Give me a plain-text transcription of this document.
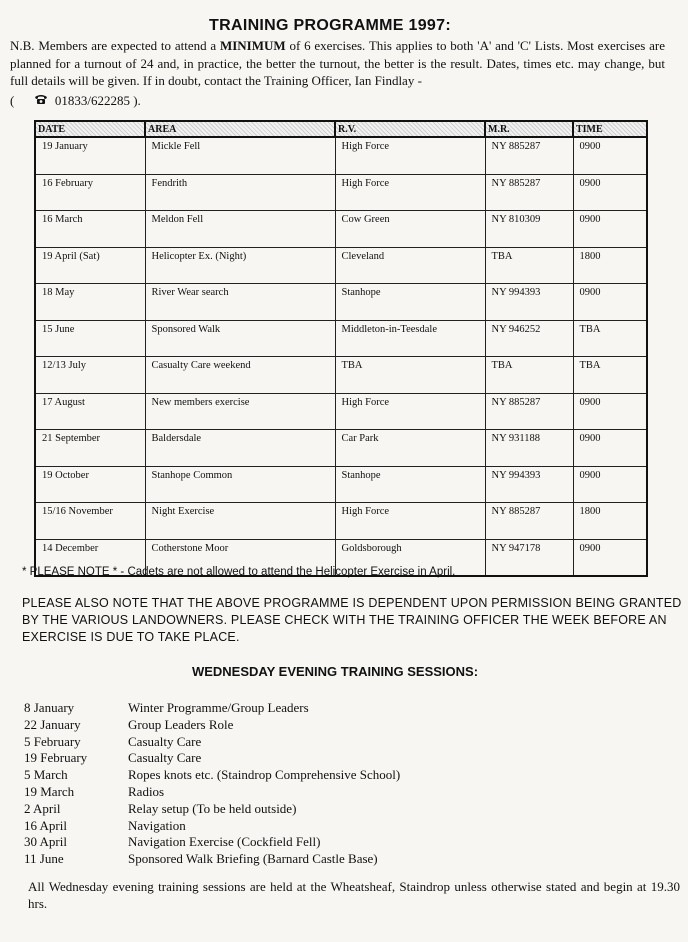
TRAINING PROGRAMME 1997:
N.B. Members are expected to attend a MINIMUM of 6 exercises. This applies to both 'A' and 'C' Lists. Most exercises are planned for a turnout of 24 and, in practice, the better the turnout, the better is the result. Dates, times etc. may change, but full details will be given. If in doubt, contact the Training Officer, Ian Findlay -
(	01833/622285 ).
DATE	AREA	R.V.	M.R.	TIME
19 January	Mickle Fell	High Force	NY 885287	0900
16 February	Fendrith	High Force	NY 885287	0900
16 March	Meldon Fell	Cow Green	NY 810309	0900
19 April (Sat)	Helicopter Ex. (Night)	Cleveland	TBA	1800
18 May	River Wear search	Stanhope	NY 994393	0900
15 June	Sponsored Walk	Middleton-in-Teesdale	NY 946252	TBA
12/13 July	Casualty Care weekend	TBA	TBA	TBA
17 August	New members exercise	High Force	NY 885287	0900
21 September	Baldersdale	Car Park	NY 931188	0900
19 October	Stanhope Common	Stanhope	NY 994393	0900
15/16 November	Night Exercise	High Force	NY 885287	1800
14 December	Cotherstone Moor	Goldsborough	NY 947178	0900
* PLEASE NOTE * - Cadets are not allowed to attend the Helicopter Exercise in April.
PLEASE ALSO NOTE THAT THE ABOVE PROGRAMME IS DEPENDENT UPON PERMISSION BEING GRANTED BY THE VARIOUS LANDOWNERS. PLEASE CHECK WITH THE TRAINING OFFICER THE WEEK BEFORE AN EXERCISE IS DUE TO TAKE PLACE.
WEDNESDAY EVENING TRAINING SESSIONS:
8 January	Winter Programme/Group Leaders
22 January	Group Leaders Role
5 February	Casualty Care
19 February	Casualty Care
5 March	Ropes knots etc. (Staindrop Comprehensive School)
19 March	Radios
2 April	Relay setup (To be held outside)
16 April	Navigation
30 April	Navigation Exercise (Cockfield Fell)
11 June	Sponsored Walk Briefing (Barnard Castle Base)
All Wednesday evening training sessions are held at the Wheatsheaf, Staindrop unless otherwise stated and begin at 19.30 hrs.
